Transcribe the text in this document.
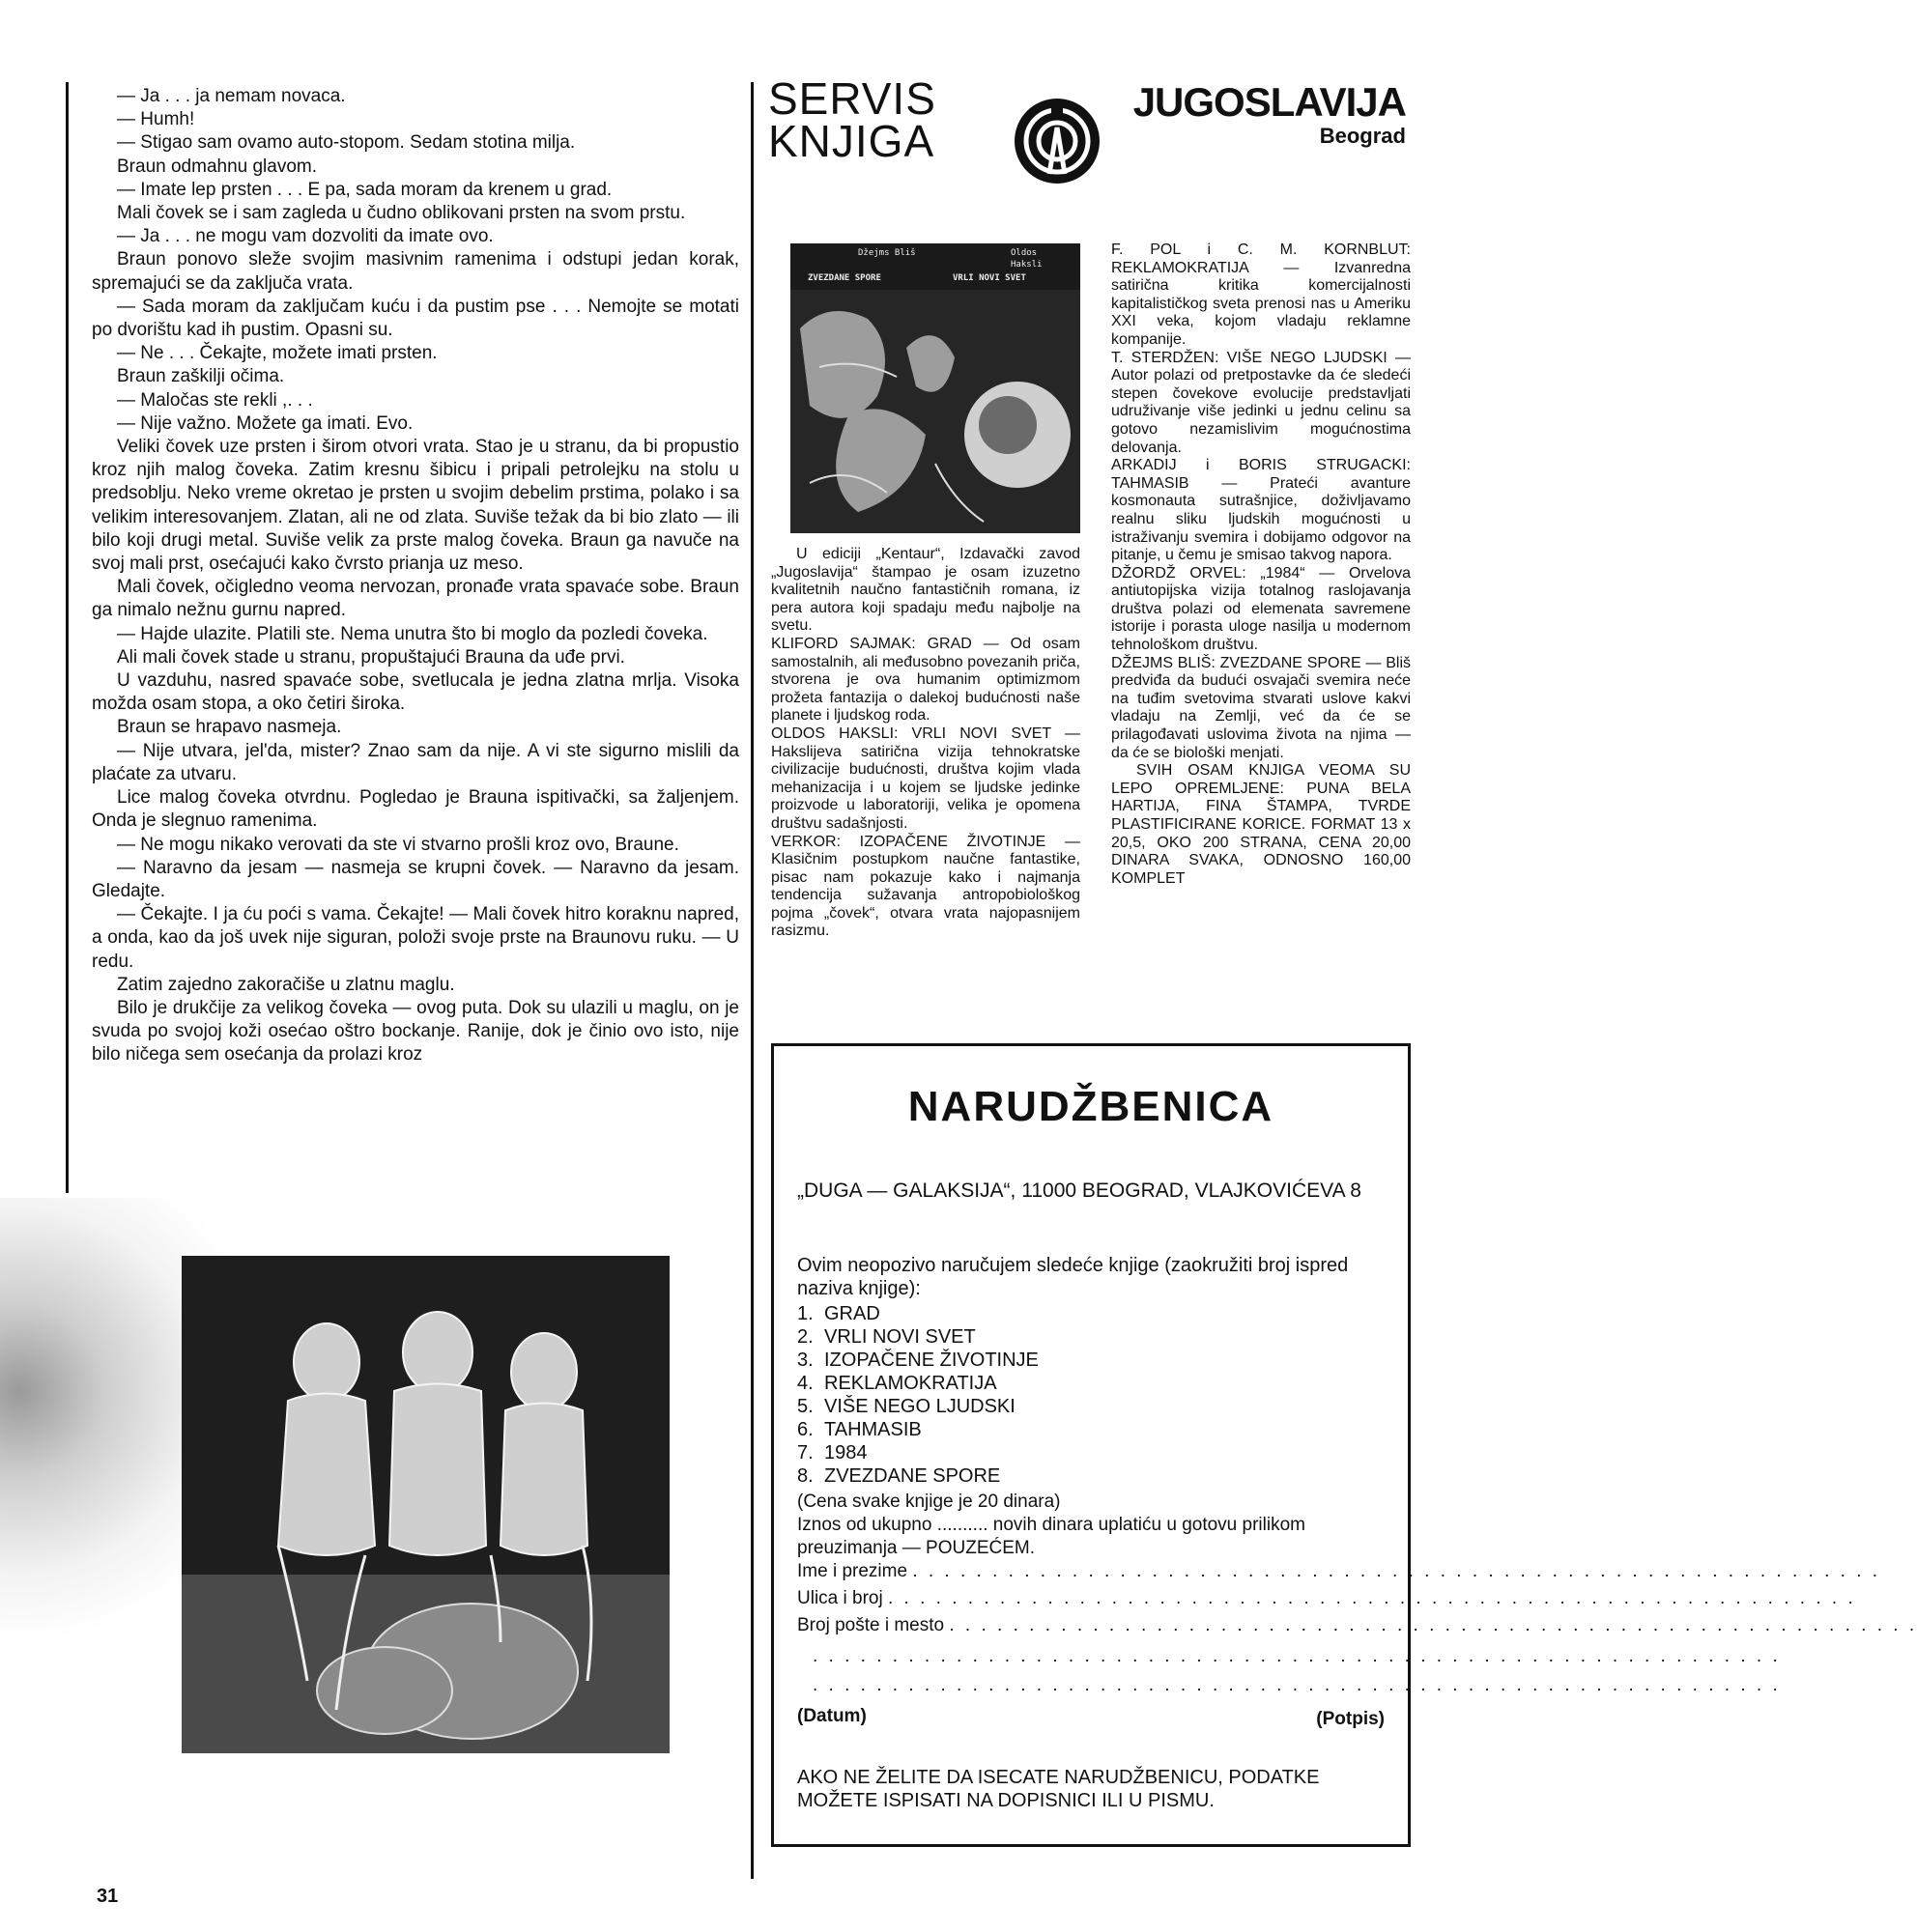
— Ja . . . ja nemam novaca.

— Humh!

— Stigao sam ovamo auto-stopom. Sedam stotina milja.

Braun odmahnu glavom.

— Imate lep prsten . . . E pa, sada moram da krenem u grad.

Mali čovek se i sam zagleda u čudno oblikovani prsten na svom prstu.

— Ja . . . ne mogu vam dozvoliti da imate ovo.

Braun ponovo sleže svojim masivnim ramenima i odstupi jedan korak, spremajući se da zaključa vrata.

— Sada moram da zaključam kuću i da pustim pse . . . Nemojte se motati po dvorištu kad ih pustim. Opasni su.

— Ne . . . Čekajte, možete imati prsten.

Braun zaškilji očima.

— Maločas ste rekli ,. . .

— Nije važno. Možete ga imati. Evo.

Veliki čovek uze prsten i širom otvori vrata. Stao je u stranu, da bi propustio kroz njih malog čoveka. Zatim kresnu šibicu i pripali petrolejku na stolu u predsoblju. Neko vreme okretao je prsten u svojim debelim prstima, polako i sa velikim interesovanjem. Zlatan, ali ne od zlata. Suviše težak da bi bio zlato — ili bilo koji drugi metal. Suviše velik za prste malog čoveka. Braun ga navuče na svoj mali prst, osećajući kako čvrsto prianja uz meso.

Mali čovek, očigledno veoma nervozan, pronađe vrata spavaće sobe. Braun ga nimalo nežnu gurnu napred.

— Hajde ulazite. Platili ste. Nema unutra što bi moglo da pozledi čoveka.

Ali mali čovek stade u stranu, propuštajući Brauna da uđe prvi.

U vazduhu, nasred spavaće sobe, svetlucala je jedna zlatna mrlja. Visoka možda osam stopa, a oko četiri široka.

Braun se hrapavo nasmeja.

— Nije utvara, jel'da, mister? Znao sam da nije. A vi ste sigurno mislili da plaćate za utvaru.

Lice malog čoveka otvrdnu. Pogledao je Brauna ispitivački, sa žaljenjem. Onda je slegnuo ramenima.

— Ne mogu nikako verovati da ste vi stvarno prošli kroz ovo, Braune.

— Naravno da jesam — nasmeja se krupni čovek. — Naravno da jesam. Gledajte.

— Čekajte. I ja ću poći s vama. Čekajte! — Mali čovek hitro koraknu napred, a onda, kao da još uvek nije siguran, položi svoje prste na Braunovu ruku. — U redu.

Zatim zajedno zakoračiše u zlatnu maglu.

Bilo je drukčije za velikog čoveka — ovog puta. Dok su ulazili u maglu, on je svuda po svojoj koži osećao oštro bockanje. Ranije, dok je činio ovo isto, nije bilo ničega sem osećanja da prolazi kroz

31
SERVIS
KNJIGA
JUGOSLAVIJA
Beograd
Džejms Bliš
ZVEZDANE SPORE
Oldos Haksli
VRLI NOVI SVET

U ediciji „Kentaur“, Izdavački zavod „Jugoslavija“ štampao je osam izuzetno kvalitetnih naučno fantastičnih romana, iz pera autora koji spadaju među najbolje na svetu.

KLIFORD SAJMAK: GRAD — Od osam samostalnih, ali međusobno povezanih priča, stvorena je ova humanim optimizmom prožeta fantazija o dalekoj budućnosti naše planete i ljudskog roda.

OLDOS HAKSLI: VRLI NOVI SVET — Hakslijeva satirična vizija tehnokratske civilizacije budućnosti, društva kojim vlada mehanizacija i u kojem se ljudske jedinke proizvode u laboratoriji, velika je opomena društvu sadašnjosti.

VERKOR: IZOPAČENE ŽIVOTINJE — Klasičnim postupkom naučne fantastike, pisac nam pokazuje kako i najmanja tendencija sužavanja antropobiološkog pojma „čovek“, otvara vrata najopasnijem rasizmu.

F. POL i C. M. KORNBLUT: REKLAMOKRATIJA — Izvanredna satirična kritika komercijalnosti kapitalističkog sveta prenosi nas u Ameriku XXI veka, kojom vladaju reklamne kompanije.

T. STERDŽEN: VIŠE NEGO LJUDSKI — Autor polazi od pretpostavke da će sledeći stepen čovekove evolucije predstavljati udruživanje više jedinki u jednu celinu sa gotovo nezamislivim mogućnostima delovanja.

ARKADIJ i BORIS STRUGACKI: TAHMASIB — Prateći avanture kosmonauta sutrašnjice, doživljavamo realnu sliku ljudskih mogućnosti u istraživanju svemira i dobijamo odgovor na pitanje, u čemu je smisao takvog napora.

DŽORDŽ ORVEL: „1984“ — Orvelova antiutopijska vizija totalnog raslojavanja društva polazi od elemenata savremene istorije i porasta uloge nasilja u modernom tehnološkom društvu.

DŽEJMS BLIŠ: ZVEZDANE SPORE — Bliš predviđa da budući osvajači svemira neće na tuđim svetovima stvarati uslove kakvi vladaju na Zemlji, već da će se prilagođavati uslovima života na njima — da će se biološki menjati.

SVIH OSAM KNJIGA VEOMA SU LEPO OPREMLJENE: PUNA BELA HARTIJA, FINA ŠTAMPA, TVRDE PLASTIFICIRANE KORICE. FORMAT 13 x 20,5, OKO 200 STRANA, CENA 20,00 DINARA SVAKA, ODNOSNO 160,00 KOMPLET

NARUDŽBENICA
„DUGA — GALAKSIJA“, 11000 BEOGRAD, VLAJKOVIĆEVA 8
Ovim neopozivo naručujem sledeće knjige (zaokružiti broj ispred naziva knjige):
1. GRAD
2. VRLI NOVI SVET
3. IZOPAČENE ŽIVOTINJE
4. REKLAMOKRATIJA
5. VIŠE NEGO LJUDSKI
6. TAHMASIB
7. 1984
8. ZVEZDANE SPORE
(Cena svake knjige je 20 dinara)
Iznos od ukupno .......... novih dinara uplatiću u gotovu prilikom preuzimanja — POUZEĆEM.
Ime i prezime . . . . . . . . . . . . . . . . . . . . . . . . . . . . . . . . . . . . . . . . . . . . . . . . . . . . . . . . . . . . .
Ulica i broj . . . . . . . . . . . . . . . . . . . . . . . . . . . . . . . . . . . . . . . . . . . . . . . . . . . . . . . . . . . . .
Broj pošte i mesto . . . . . . . . . . . . . . . . . . . . . . . . . . . . . . . . . . . . . . . . . . . . . . . . . . . . . . . . . . . . .
. . . . . . . . . . . . . . . . . . . . . . . . . . . . . . . . . . . . . . . . . . . . . . . . . . . . . . . . . . . . .
. . . . . . . . . . . . . . . . . . . . . . . . . . . . . . . . . . . . . . . . . . . . . . . . . . . . . . . . . . . . .
(Datum)	(Potpis)
AKO NE ŽELITE DA ISECATE NARUDŽBENICU, PODATKE MOŽETE ISPISATI NA DOPISNICI ILI U PISMU.
